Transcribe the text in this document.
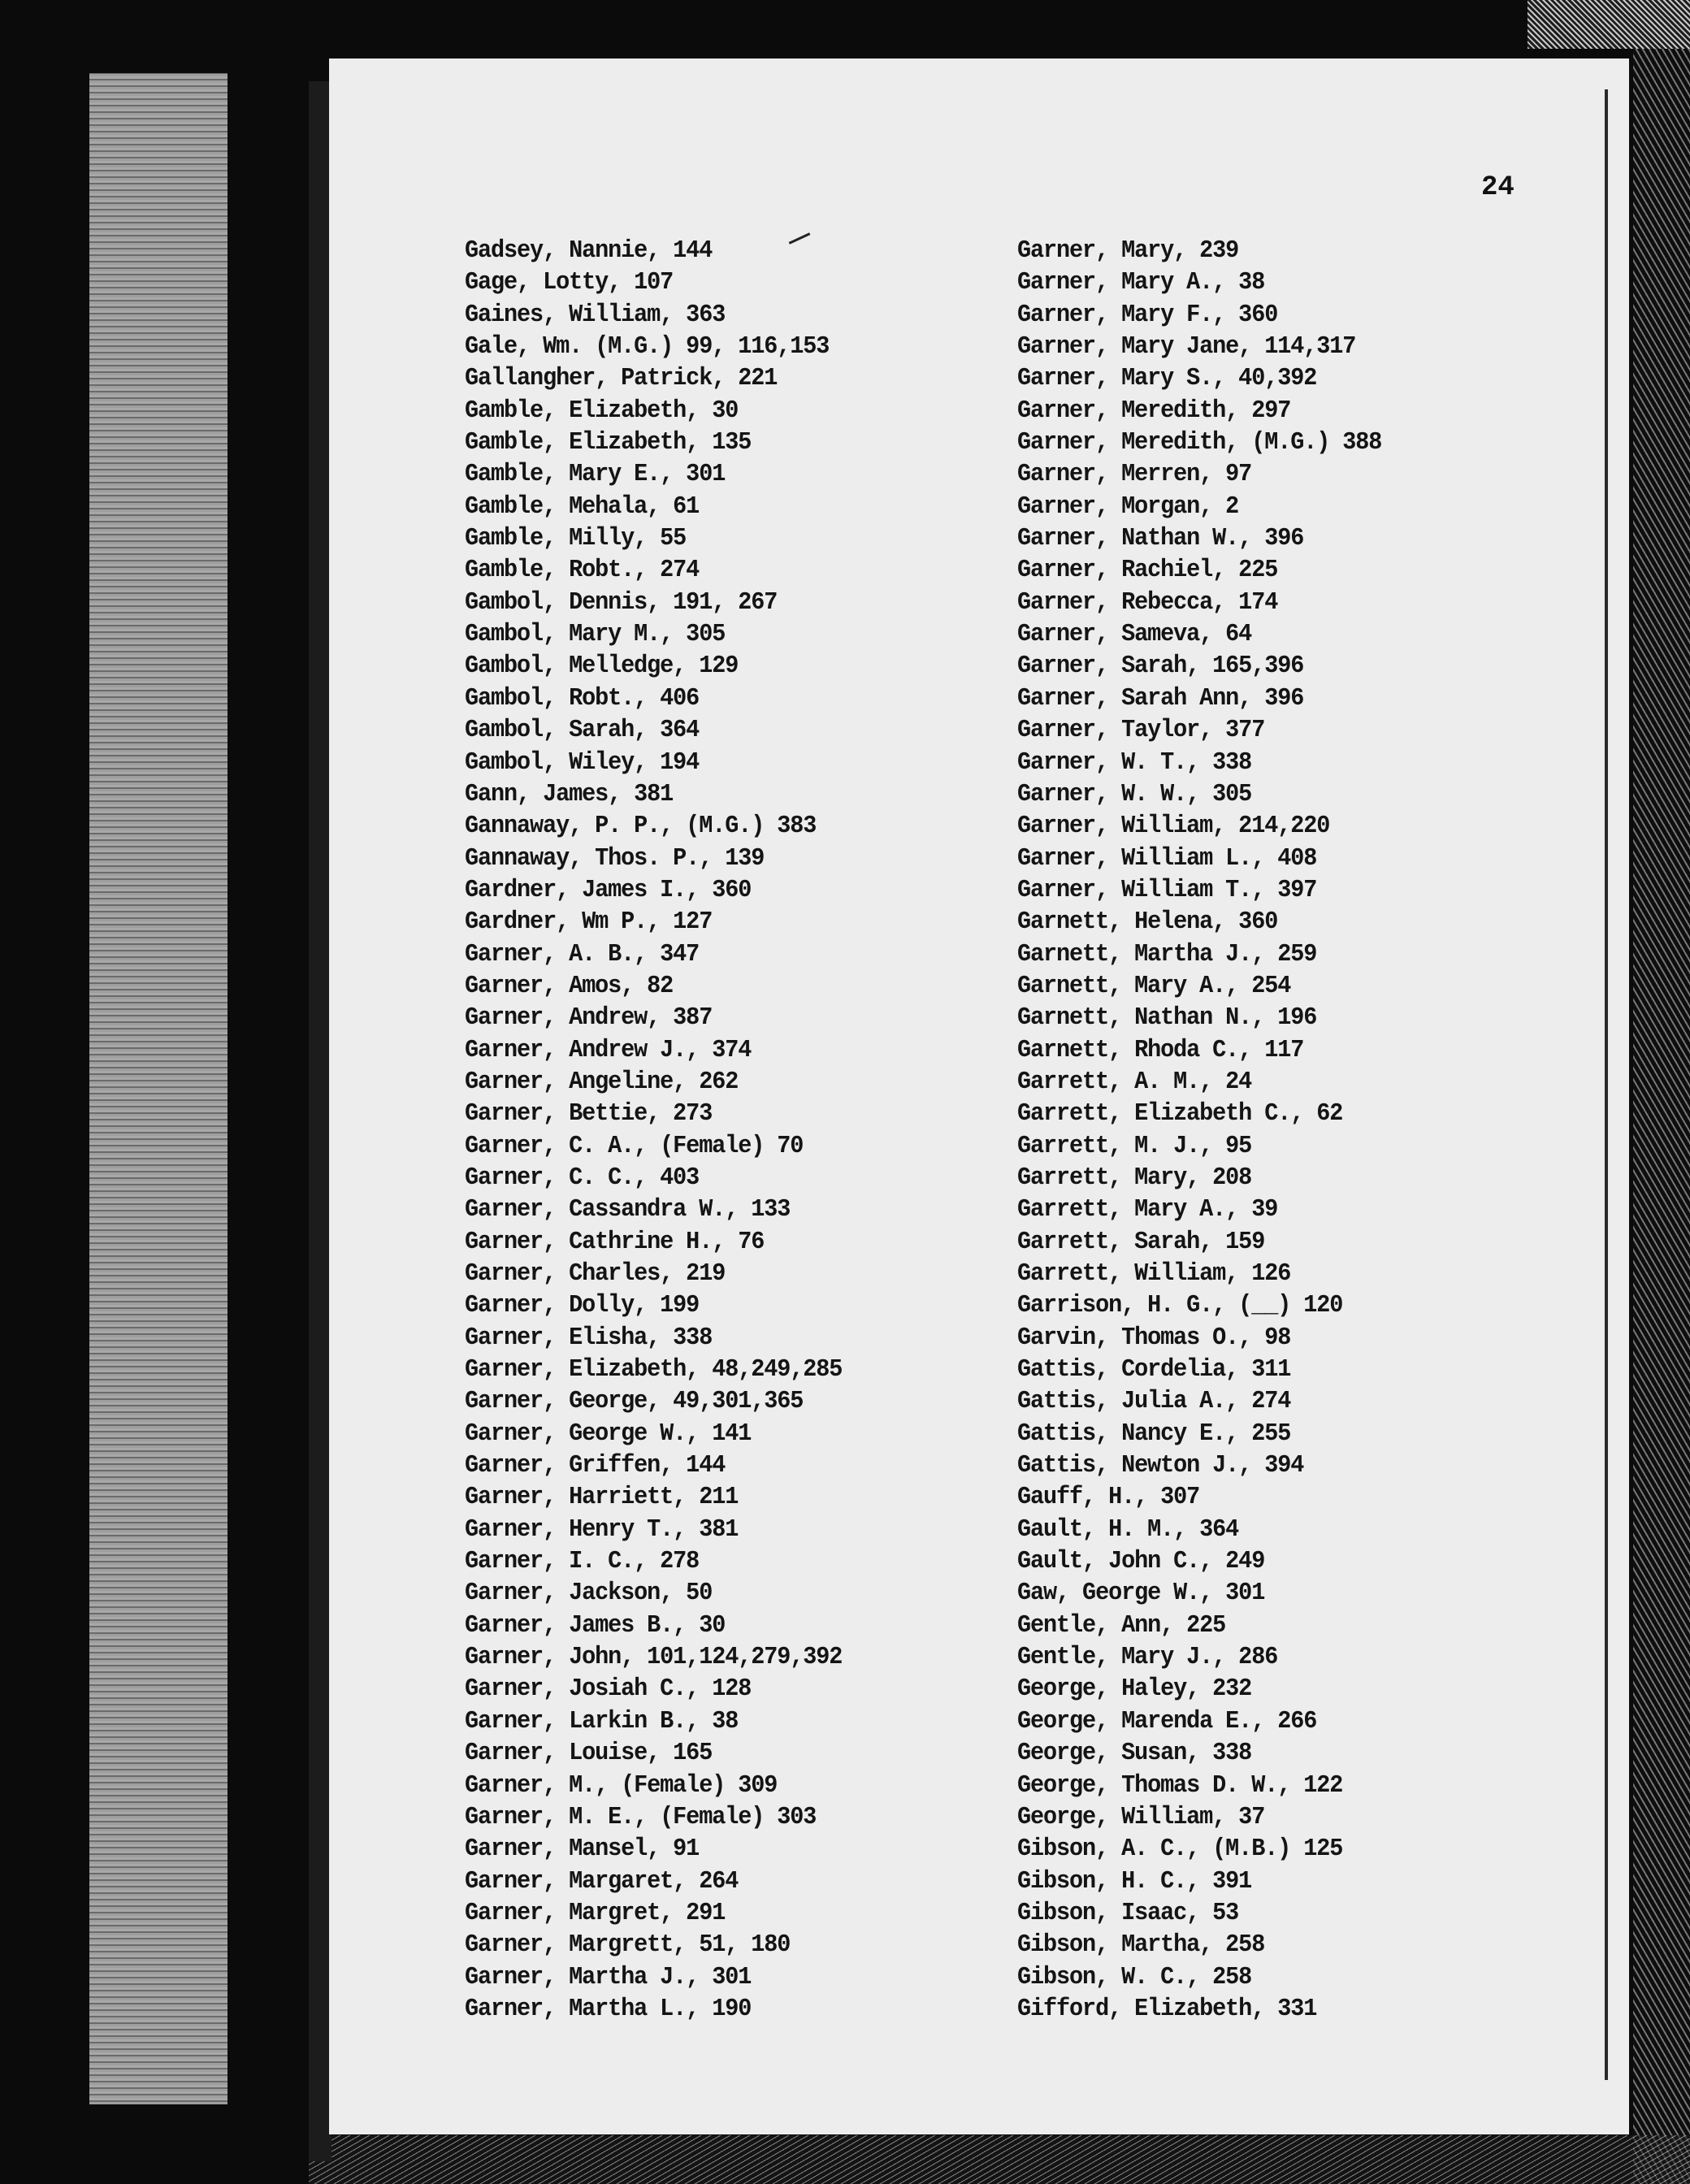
24
Gadsey, Nannie, 144
Gage, Lotty, 107
Gaines, William, 363
Gale, Wm. (M.G.) 99, 116,153
Gallangher, Patrick, 221
Gamble, Elizabeth, 30
Gamble, Elizabeth, 135
Gamble, Mary E., 301
Gamble, Mehala, 61
Gamble, Milly, 55
Gamble, Robt., 274
Gambol, Dennis, 191, 267
Gambol, Mary M., 305
Gambol, Melledge, 129
Gambol, Robt., 406
Gambol, Sarah, 364
Gambol, Wiley, 194
Gann, James, 381
Gannaway, P. P., (M.G.) 383
Gannaway, Thos. P., 139
Gardner, James I., 360
Gardner, Wm P., 127
Garner, A. B., 347
Garner, Amos, 82
Garner, Andrew, 387
Garner, Andrew J., 374
Garner, Angeline, 262
Garner, Bettie, 273
Garner, C. A., (Female) 70
Garner, C. C., 403
Garner, Cassandra W., 133
Garner, Cathrine H., 76
Garner, Charles, 219
Garner, Dolly, 199
Garner, Elisha, 338
Garner, Elizabeth, 48,249,285
Garner, George, 49,301,365
Garner, George W., 141
Garner, Griffen, 144
Garner, Harriett, 211
Garner, Henry T., 381
Garner, I. C., 278
Garner, Jackson, 50
Garner, James B., 30
Garner, John, 101,124,279,392
Garner, Josiah C., 128
Garner, Larkin B., 38
Garner, Louise, 165
Garner, M., (Female) 309
Garner, M. E., (Female) 303
Garner, Mansel, 91
Garner, Margaret, 264
Garner, Margret, 291
Garner, Margrett, 51, 180
Garner, Martha J., 301
Garner, Martha L., 190
Garner, Mary, 239
Garner, Mary A., 38
Garner, Mary F., 360
Garner, Mary Jane, 114,317
Garner, Mary S., 40,392
Garner, Meredith, 297
Garner, Meredith, (M.G.) 388
Garner, Merren, 97
Garner, Morgan, 2
Garner, Nathan W., 396
Garner, Rachiel, 225
Garner, Rebecca, 174
Garner, Sameva, 64
Garner, Sarah, 165,396
Garner, Sarah Ann, 396
Garner, Taylor, 377
Garner, W. T., 338
Garner, W. W., 305
Garner, William, 214,220
Garner, William L., 408
Garner, William T., 397
Garnett, Helena, 360
Garnett, Martha J., 259
Garnett, Mary A., 254
Garnett, Nathan N., 196
Garnett, Rhoda C., 117
Garrett, A. M., 24
Garrett, Elizabeth C., 62
Garrett, M. J., 95
Garrett, Mary, 208
Garrett, Mary A., 39
Garrett, Sarah, 159
Garrett, William, 126
Garrison, H. G., (__) 120
Garvin, Thomas O., 98
Gattis, Cordelia, 311
Gattis, Julia A., 274
Gattis, Nancy E., 255
Gattis, Newton J., 394
Gauff, H., 307
Gault, H. M., 364
Gault, John C., 249
Gaw, George W., 301
Gentle, Ann, 225
Gentle, Mary J., 286
George, Haley, 232
George, Marenda E., 266
George, Susan, 338
George, Thomas D. W., 122
George, William, 37
Gibson, A. C., (M.B.) 125
Gibson, H. C., 391
Gibson, Isaac, 53
Gibson, Martha, 258
Gibson, W. C., 258
Gifford, Elizabeth, 331
